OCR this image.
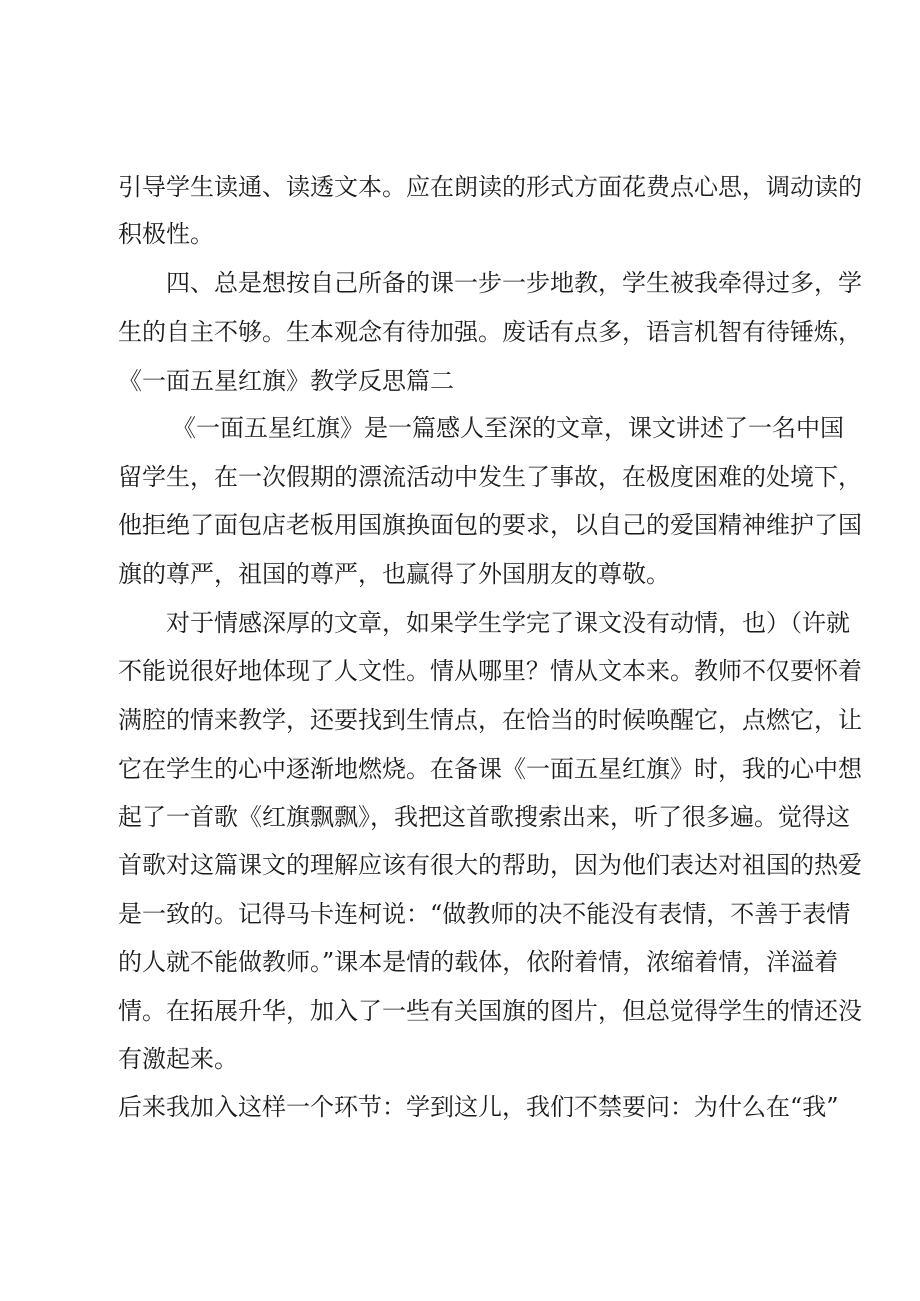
引导学生读通、读透文本。应在朗读的形式方面花费点心思，调动读的
积极性。
四、总是想按自己所备的课一步一步地教，学生被我牵得过多，学
生的自主不够。生本观念有待加强。废话有点多，语言机智有待锤炼，
《一面五星红旗》教学反思篇二
《一面五星红旗》是一篇感人至深的文章，课文讲述了一名中国
留学生，在一次假期的漂流活动中发生了事故，在极度困难的处境下，
他拒绝了面包店老板用国旗换面包的要求，以自己的爱国精神维护了国
旗的尊严，祖国的尊严，也赢得了外国朋友的尊敬。
对于情感深厚的文章，如果学生学完了课文没有动情，也）（许就
不能说很好地体现了人文性。情从哪里？情从文本来。教师不仅要怀着
满腔的情来教学，还要找到生情点，在恰当的时候唤醒它，点燃它，让
它在学生的心中逐渐地燃烧。在备课《一面五星红旗》时，我的心中想
起了一首歌《红旗飘飘》，我把这首歌搜索出来，听了很多遍。觉得这
首歌对这篇课文的理解应该有很大的帮助，因为他们表达对祖国的热爱
是一致的。记得马卡连柯说：“做教师的决不能没有表情，不善于表情
的人就不能做教师。”课本是情的载体，依附着情，浓缩着情，洋溢着
情。在拓展升华，加入了一些有关国旗的图片，但总觉得学生的情还没
有激起来。
后来我加入这样一个环节：学到这儿，我们不禁要问：为什么在“我”
